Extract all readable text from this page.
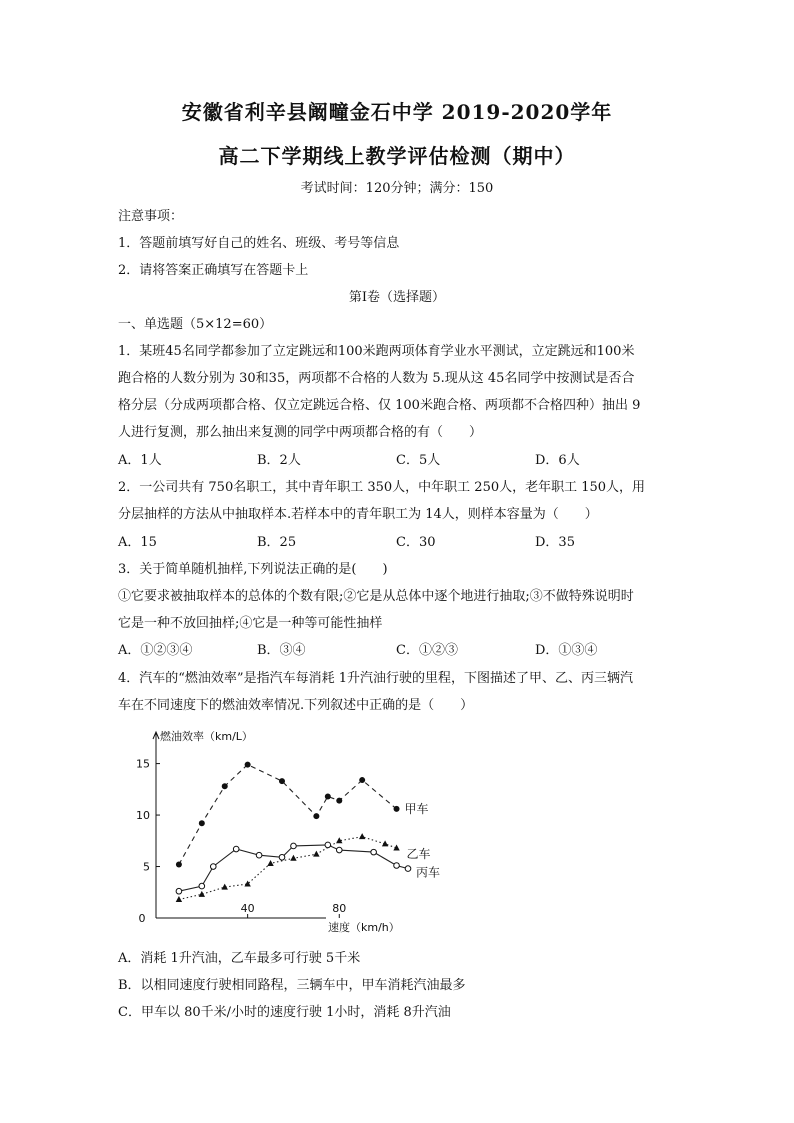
安徽省利辛县阚疃金石中学 2019-2020学年
高二下学期线上教学评估检测（期中）
考试时间：120分钟；满分：150
注意事项：
1．答题前填写好自己的姓名、班级、考号等信息
2．请将答案正确填写在答题卡上
第I卷（选择题）
一、单选题（5×12=60）
1．某班45名同学都参加了立定跳远和100米跑两项体育学业水平测试，立定跳远和100米
跑合格的人数分别为 30和35，两项都不合格的人数为 5.现从这 45名同学中按测试是否合
格分层（分成两项都合格、仅立定跳远合格、仅 100米跑合格、两项都不合格四种）抽出 9
人进行复测，那么抽出来复测的同学中两项都合格的有（　　）
A．1人	B．2人	C．5人	D．6人
2．一公司共有 750名职工，其中青年职工 350人，中年职工 250人，老年职工 150人，用
分层抽样的方法从中抽取样本.若样本中的青年职工为 14人，则样本容量为（　　）
A．15	B．25	C．30	D．35
3．关于简单随机抽样,下列说法正确的是(　　)
①它要求被抽取样本的总体的个数有限;②它是从总体中逐个地进行抽取;③不做特殊说明时
它是一种不放回抽样;④它是一种等可能性抽样
A．①②③④	B．③④	C．①②③	D．①③④
4．汽车的“燃油效率”是指汽车每消耗 1升汽油行驶的里程，下图描述了甲、乙、丙三辆汽
车在不同速度下的燃油效率情况.下列叙述中正确的是（　　）
5
10
15
0
40	80
甲车
乙车
丙车
燃油效率（km/L）
速度（km/h）
A．消耗 1升汽油，乙车最多可行驶 5千米
B．以相同速度行驶相同路程，三辆车中，甲车消耗汽油最多
C．甲车以 80千米/小时的速度行驶 1小时，消耗 8升汽油
